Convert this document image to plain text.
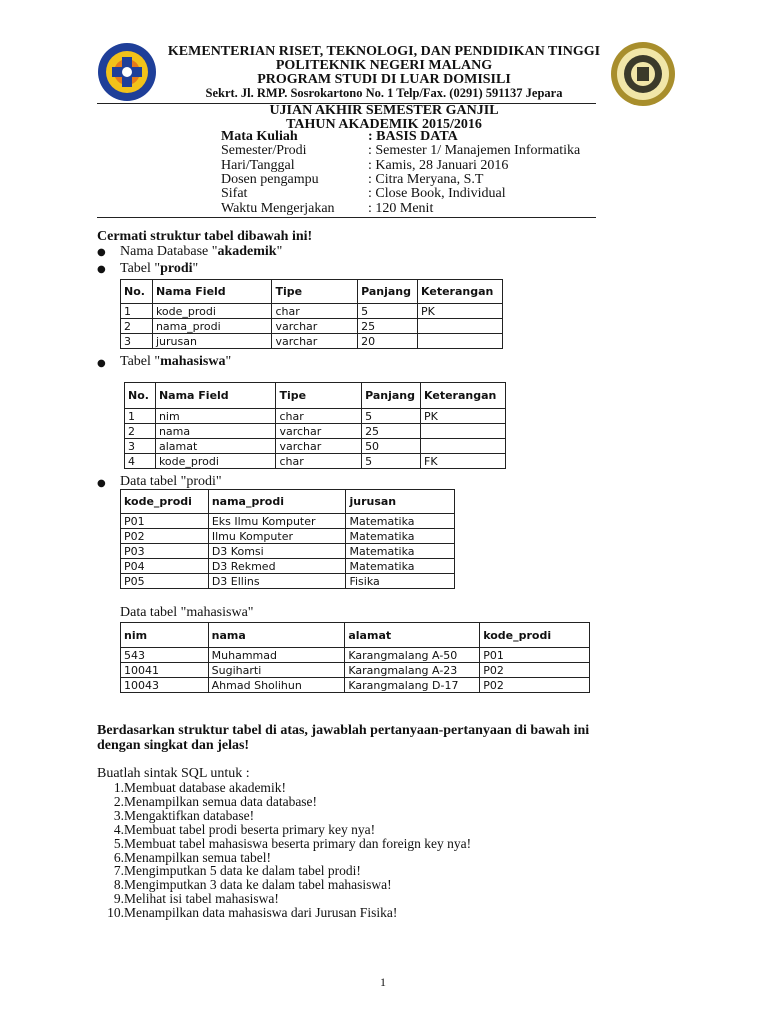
KEMENTERIAN RISET, TEKNOLOGI, DAN PENDIDIKAN TINGGI
POLITEKNIK NEGERI MALANG
PROGRAM STUDI DI LUAR DOMISILI
Sekrt. Jl. RMP. Sosrokartono No. 1 Telp/Fax. (0291) 591137 Jepara
UJIAN AKHIR SEMESTER GANJIL
TAHUN AKADEMIK 2015/2016
Mata Kuliah	: BASIS DATA
Semester/Prodi	: Semester 1/ Manajemen Informatika
Hari/Tanggal	: Kamis, 28 Januari 2016
Dosen pengampu	: Citra Meryana, S.T
Sifat	: Close Book, Individual
Waktu Mengerjakan : 120 Menit
Cermati struktur tabel dibawah ini!
● Nama Database "akademik"
● Tabel "prodi"
No.	Nama Field	Tipe	Panjang	Keterangan
1	kode_prodi	char	5	PK
2	nama_prodi	varchar	25	
3	jurusan	varchar	20	
● Tabel "mahasiswa"
No.	Nama Field	Tipe	Panjang	Keterangan
1	nim	char	5	PK
2	nama	varchar	25	
3	alamat	varchar	50	
4	kode_prodi	char	5	FK
● Data tabel "prodi"
kode_prodi	nama_prodi	jurusan
P01	Eks Ilmu Komputer	Matematika
P02	Ilmu Komputer	Matematika
P03	D3 Komsi	Matematika
P04	D3 Rekmed	Matematika
P05	D3 Ellins	Fisika
Data tabel "mahasiswa"
nim	nama	alamat	kode_prodi
543	Muhammad	Karangmalang A-50	P01
10041	Sugiharti	Karangmalang A-23	P02
10043	Ahmad Sholihun	Karangmalang D-17	P02
Berdasarkan struktur tabel di atas, jawablah pertanyaan-pertanyaan di bawah ini
dengan singkat dan jelas!
Buatlah sintak SQL untuk :
1. Membuat database akademik!
2. Menampilkan semua data database!
3. Mengaktifkan database!
4. Membuat tabel prodi beserta primary key nya!
5. Membuat tabel mahasiswa beserta primary dan foreign key nya!
6. Menampilkan semua tabel!
7. Mengimputkan 5 data ke dalam tabel prodi!
8. Mengimputkan 3 data ke dalam tabel mahasiswa!
9. Melihat isi tabel mahasiswa!
10. Menampilkan data mahasiswa dari Jurusan Fisika!
1
